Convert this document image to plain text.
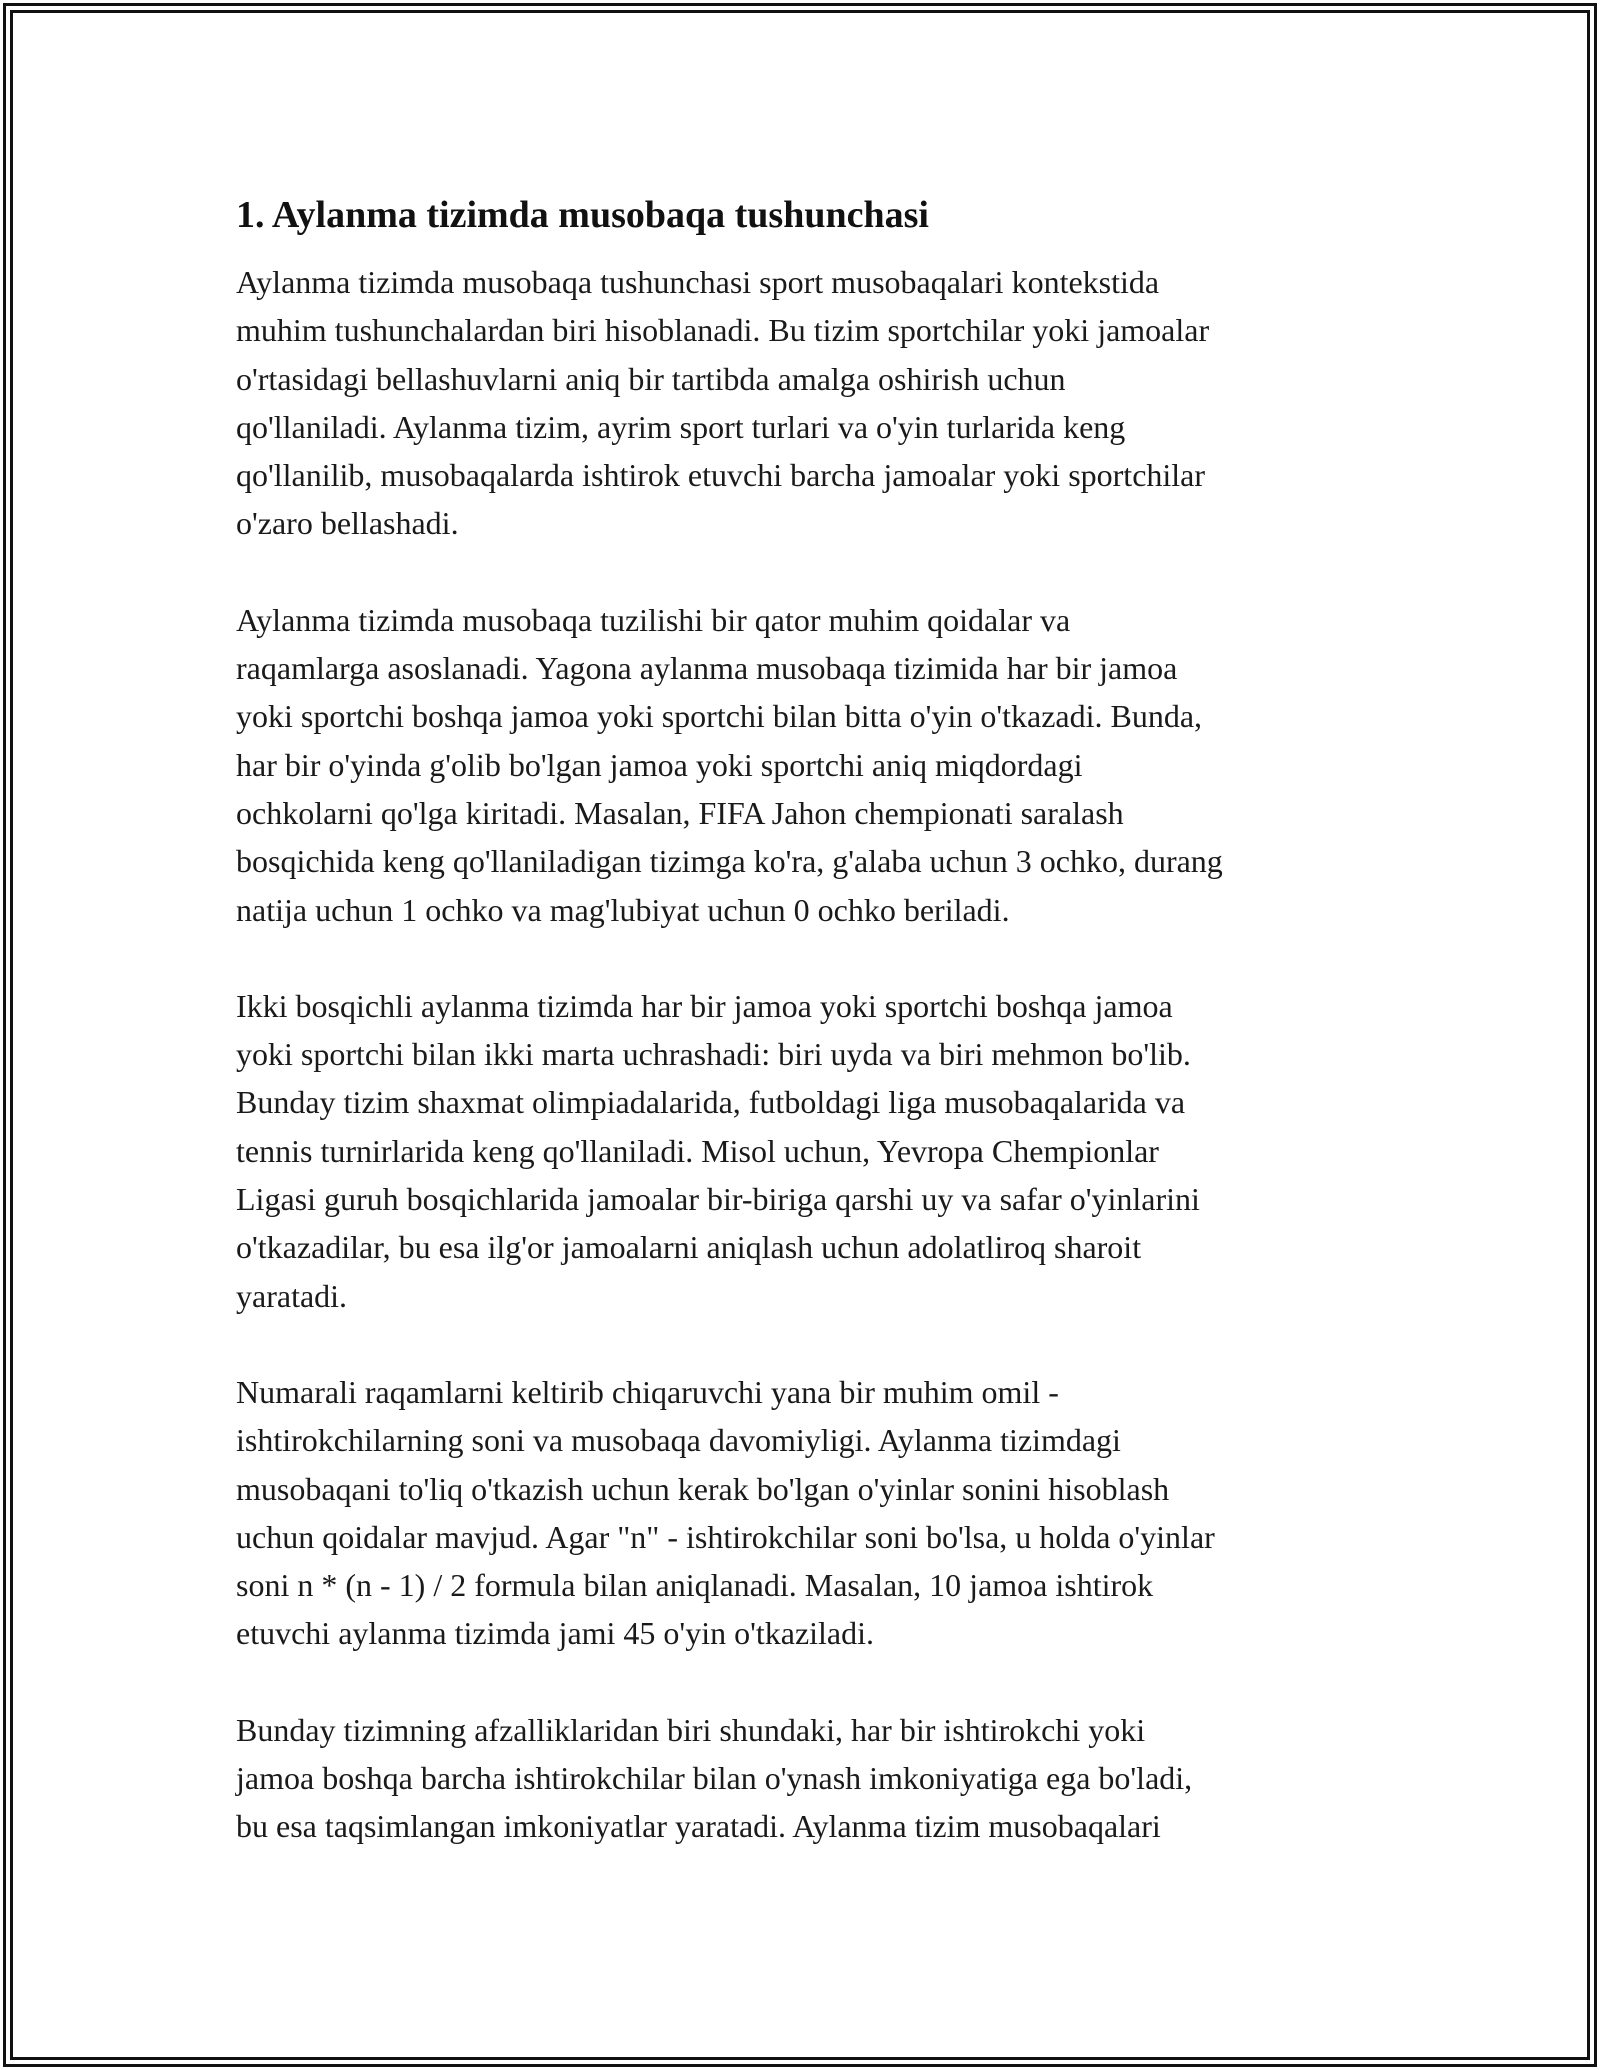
1. Aylanma tizimda musobaqa tushunchasi

Aylanma tizimda musobaqa tushunchasi sport musobaqalari kontekstida
muhim tushunchalardan biri hisoblanadi. Bu tizim sportchilar yoki jamoalar
o'rtasidagi bellashuvlarni aniq bir tartibda amalga oshirish uchun
qo'llaniladi. Aylanma tizim, ayrim sport turlari va o'yin turlarida keng
qo'llanilib, musobaqalarda ishtirok etuvchi barcha jamoalar yoki sportchilar
o'zaro bellashadi.

Aylanma tizimda musobaqa tuzilishi bir qator muhim qoidalar va
raqamlarga asoslanadi. Yagona aylanma musobaqa tizimida har bir jamoa
yoki sportchi boshqa jamoa yoki sportchi bilan bitta o'yin o'tkazadi. Bunda,
har bir o'yinda g'olib bo'lgan jamoa yoki sportchi aniq miqdordagi
ochkolarni qo'lga kiritadi. Masalan, FIFA Jahon chempionati saralash
bosqichida keng qo'llaniladigan tizimga ko'ra, g'alaba uchun 3 ochko, durang
natija uchun 1 ochko va mag'lubiyat uchun 0 ochko beriladi.

Ikki bosqichli aylanma tizimda har bir jamoa yoki sportchi boshqa jamoa
yoki sportchi bilan ikki marta uchrashadi: biri uyda va biri mehmon bo'lib.
Bunday tizim shaxmat olimpiadalarida, futboldagi liga musobaqalarida va
tennis turnirlarida keng qo'llaniladi. Misol uchun, Yevropa Chempionlar
Ligasi guruh bosqichlarida jamoalar bir-biriga qarshi uy va safar o'yinlarini
o'tkazadilar, bu esa ilg'or jamoalarni aniqlash uchun adolatliroq sharoit
yaratadi.

Numarali raqamlarni keltirib chiqaruvchi yana bir muhim omil -
ishtirokchilarning soni va musobaqa davomiyligi. Aylanma tizimdagi
musobaqani to'liq o'tkazish uchun kerak bo'lgan o'yinlar sonini hisoblash
uchun qoidalar mavjud. Agar "n" - ishtirokchilar soni bo'lsa, u holda o'yinlar
soni n * (n - 1) / 2 formula bilan aniqlanadi. Masalan, 10 jamoa ishtirok
etuvchi aylanma tizimda jami 45 o'yin o'tkaziladi.

Bunday tizimning afzalliklaridan biri shundaki, har bir ishtirokchi yoki
jamoa boshqa barcha ishtirokchilar bilan o'ynash imkoniyatiga ega bo'ladi,
bu esa taqsimlangan imkoniyatlar yaratadi. Aylanma tizim musobaqalari
